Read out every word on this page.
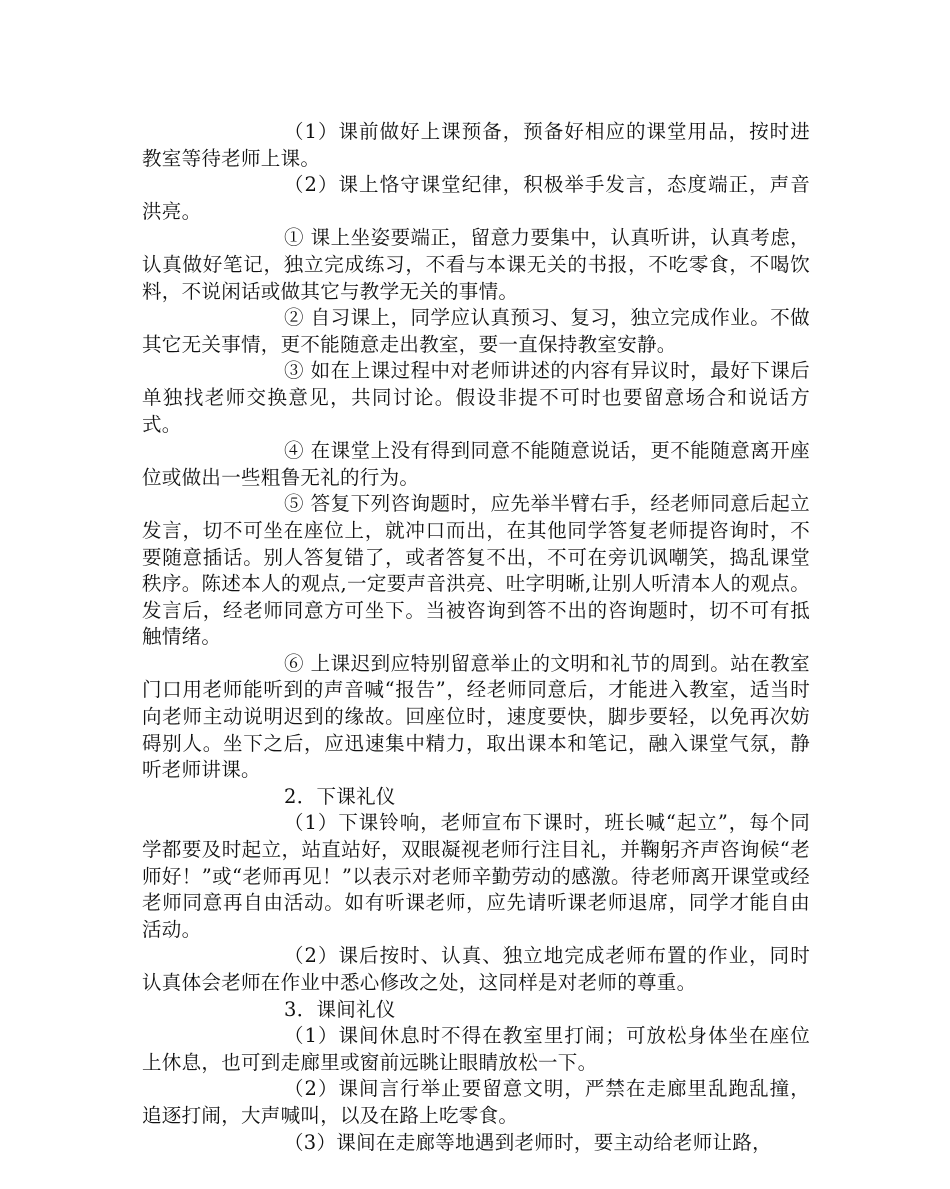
（1）课前做好上课预备，预备好相应的课堂用品，按时进教室等待老师上课。

（2）课上恪守课堂纪律，积极举手发言，态度端正，声音洪亮。

① 课上坐姿要端正，留意力要集中，认真听讲，认真考虑，认真做好笔记，独立完成练习，不看与本课无关的书报，不吃零食，不喝饮料，不说闲话或做其它与教学无关的事情。

② 自习课上，同学应认真预习、复习，独立完成作业。不做其它无关事情，更不能随意走出教室，要一直保持教室安静。

③ 如在上课过程中对老师讲述的内容有异议时，最好下课后单独找老师交换意见，共同讨论。假设非提不可时也要留意场合和说话方式。

④ 在课堂上没有得到同意不能随意说话，更不能随意离开座位或做出一些粗鲁无礼的行为。

⑤ 答复下列咨询题时，应先举半臂右手，经老师同意后起立发言，切不可坐在座位上，就冲口而出，在其他同学答复老师提咨询时，不要随意插话。别人答复错了，或者答复不出，不可在旁讥讽嘲笑，捣乱课堂秩序。陈述本人的观点,一定要声音洪亮、吐字明晰,让别人听清本人的观点。发言后，经老师同意方可坐下。当被咨询到答不出的咨询题时，切不可有抵触情绪。

⑥ 上课迟到应特别留意举止的文明和礼节的周到。站在教室门口用老师能听到的声音喊“报告”，经老师同意后，才能进入教室，适当时向老师主动说明迟到的缘故。回座位时，速度要快，脚步要轻，以免再次妨碍别人。坐下之后，应迅速集中精力，取出课本和笔记，融入课堂气氛，静听老师讲课。

2．下课礼仪

（1）下课铃响，老师宣布下课时，班长喊“起立”，每个同学都要及时起立，站直站好，双眼凝视老师行注目礼，并鞠躬齐声咨询候“老师好！”或“老师再见！”以表示对老师辛勤劳动的感激。待老师离开课堂或经老师同意再自由活动。如有听课老师，应先请听课老师退席，同学才能自由活动。

（2）课后按时、认真、独立地完成老师布置的作业，同时认真体会老师在作业中悉心修改之处，这同样是对老师的尊重。

3．课间礼仪

（1）课间休息时不得在教室里打闹；可放松身体坐在座位上休息，也可到走廊里或窗前远眺让眼睛放松一下。

（2）课间言行举止要留意文明，严禁在走廊里乱跑乱撞，追逐打闹，大声喊叫，以及在路上吃零食。

（3）课间在走廊等地遇到老师时，要主动给老师让路，
